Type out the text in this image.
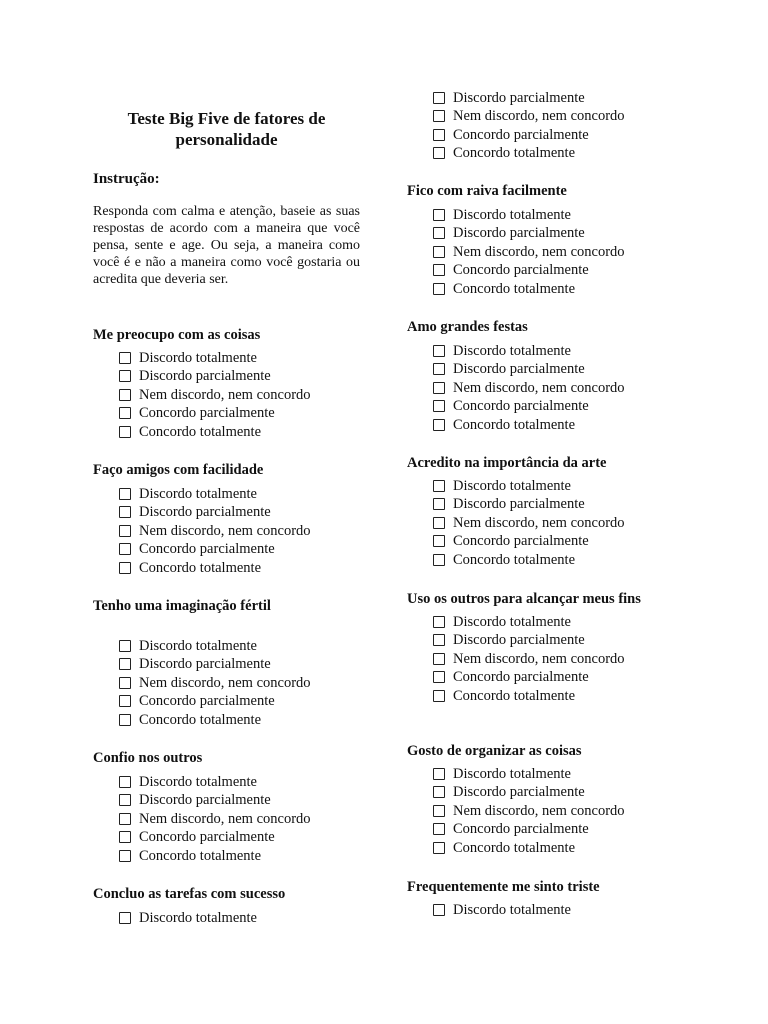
Teste Big Five de fatores de personalidade
Instrução:

Responda com calma e atenção, baseie as suas respostas de acordo com a maneira que você pensa, sente e age. Ou seja, a maneira como você é e não a maneira como você gostaria ou acredita que deveria ser.

Me preocupo com as coisas
Discordo totalmente
Discordo parcialmente
Nem discordo, nem concordo
Concordo parcialmente
Concordo totalmente
Faço amigos com facilidade
Discordo totalmente
Discordo parcialmente
Nem discordo, nem concordo
Concordo parcialmente
Concordo totalmente
Tenho uma imaginação fértil
Discordo totalmente
Discordo parcialmente
Nem discordo, nem concordo
Concordo parcialmente
Concordo totalmente
Confio nos outros
Discordo totalmente
Discordo parcialmente
Nem discordo, nem concordo
Concordo parcialmente
Concordo totalmente
Concluo as tarefas com sucesso
Discordo totalmente
Discordo parcialmente
Nem discordo, nem concordo
Concordo parcialmente
Concordo totalmente
Fico com raiva facilmente
Discordo totalmente
Discordo parcialmente
Nem discordo, nem concordo
Concordo parcialmente
Concordo totalmente
Amo grandes festas
Discordo totalmente
Discordo parcialmente
Nem discordo, nem concordo
Concordo parcialmente
Concordo totalmente
Acredito na importância da arte
Discordo totalmente
Discordo parcialmente
Nem discordo, nem concordo
Concordo parcialmente
Concordo totalmente
Uso os outros para alcançar meus fins
Discordo totalmente
Discordo parcialmente
Nem discordo, nem concordo
Concordo parcialmente
Concordo totalmente
Gosto de organizar as coisas
Discordo totalmente
Discordo parcialmente
Nem discordo, nem concordo
Concordo parcialmente
Concordo totalmente
Frequentemente me sinto triste
Discordo totalmente
